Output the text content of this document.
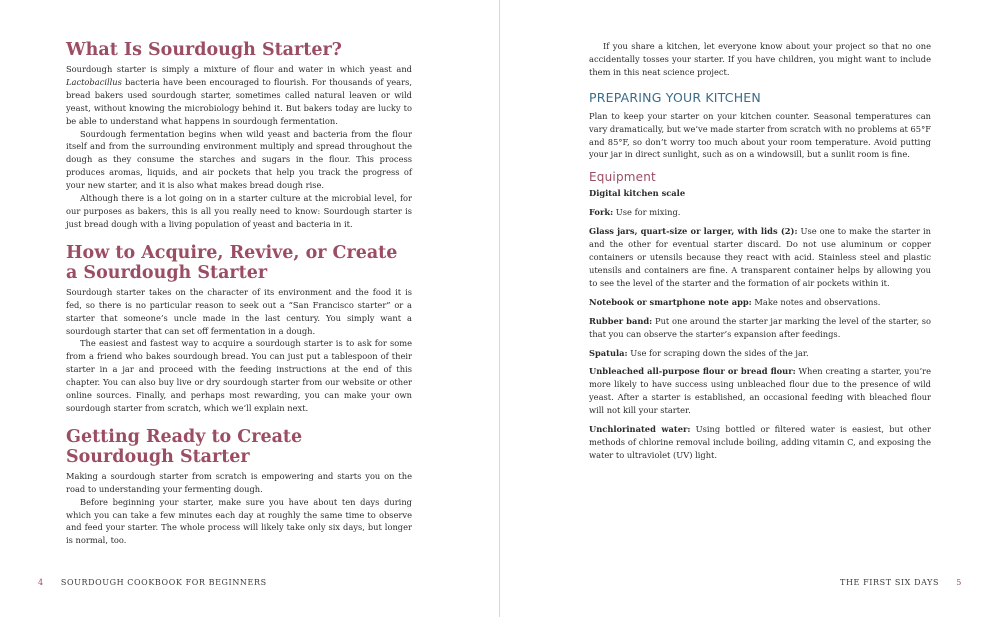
What Is Sourdough Starter?

Sourdough starter is simply a mixture of flour and water in which yeast and Lactobacillus bacteria have been encouraged to flourish. For thousands of years, bread bakers used sourdough starter, sometimes called natural leaven or wild yeast, without knowing the microbiology behind it. But bakers today are lucky to be able to understand what happens in sourdough fermentation.

Sourdough fermentation begins when wild yeast and bacteria from the flour itself and from the surrounding environment multiply and spread throughout the dough as they consume the starches and sugars in the flour. This process produces aromas, liquids, and air pockets that help you track the progress of your new starter, and it is also what makes bread dough rise.

Although there is a lot going on in a starter culture at the microbial level, for our purposes as bakers, this is all you really need to know: Sourdough starter is just bread dough with a living population of yeast and bacteria in it.

How to Acquire, Revive, or Create
a Sourdough Starter

Sourdough starter takes on the character of its environment and the food it is fed, so there is no particular reason to seek out a “San Francisco starter” or a starter that someone’s uncle made in the last century. You simply want a sourdough starter that can set off fermentation in a dough.

The easiest and fastest way to acquire a sourdough starter is to ask for some from a friend who bakes sourdough bread. You can just put a tablespoon of their starter in a jar and proceed with the feeding instructions at the end of this chapter. You can also buy live or dry sourdough starter from our website or other online sources. Finally, and perhaps most rewarding, you can make your own sourdough starter from scratch, which we’ll explain next.

Getting Ready to Create
Sourdough Starter

Making a sourdough starter from scratch is empowering and starts you on the road to understanding your fermenting dough.

Before beginning your starter, make sure you have about ten days during which you can take a few minutes each day at roughly the same time to observe and feed your starter. The whole process will likely take only six days, but longer is normal, too.

4 SOURDOUGH COOKBOOK FOR BEGINNERS

If you share a kitchen, let everyone know about your project so that no one accidentally tosses your starter. If you have children, you might want to include them in this neat science project.

PREPARING YOUR KITCHEN

Plan to keep your starter on your kitchen counter. Seasonal temperatures can vary dramatically, but we’ve made starter from scratch with no problems at 65°F and 85°F, so don’t worry too much about your room temperature. Avoid putting your jar in direct sunlight, such as on a windowsill, but a sunlit room is fine.

Equipment

Digital kitchen scale

Fork: Use for mixing.

Glass jars, quart-size or larger, with lids (2): Use one to make the starter in and the other for eventual starter discard. Do not use aluminum or copper containers or utensils because they react with acid. Stainless steel and plastic utensils and containers are fine. A transparent container helps by allowing you to see the level of the starter and the formation of air pockets within it.

Notebook or smartphone note app: Make notes and observations.

Rubber band: Put one around the starter jar marking the level of the starter, so that you can observe the starter’s expansion after feedings.

Spatula: Use for scraping down the sides of the jar.

Unbleached all-purpose flour or bread flour: When creating a starter, you’re more likely to have success using unbleached flour due to the presence of wild yeast. After a starter is established, an occasional feeding with bleached flour will not kill your starter.

Unchlorinated water: Using bottled or filtered water is easiest, but other methods of chlorine removal include boiling, adding vitamin C, and exposing the water to ultraviolet (UV) light.

THE FIRST SIX DAYS 5
